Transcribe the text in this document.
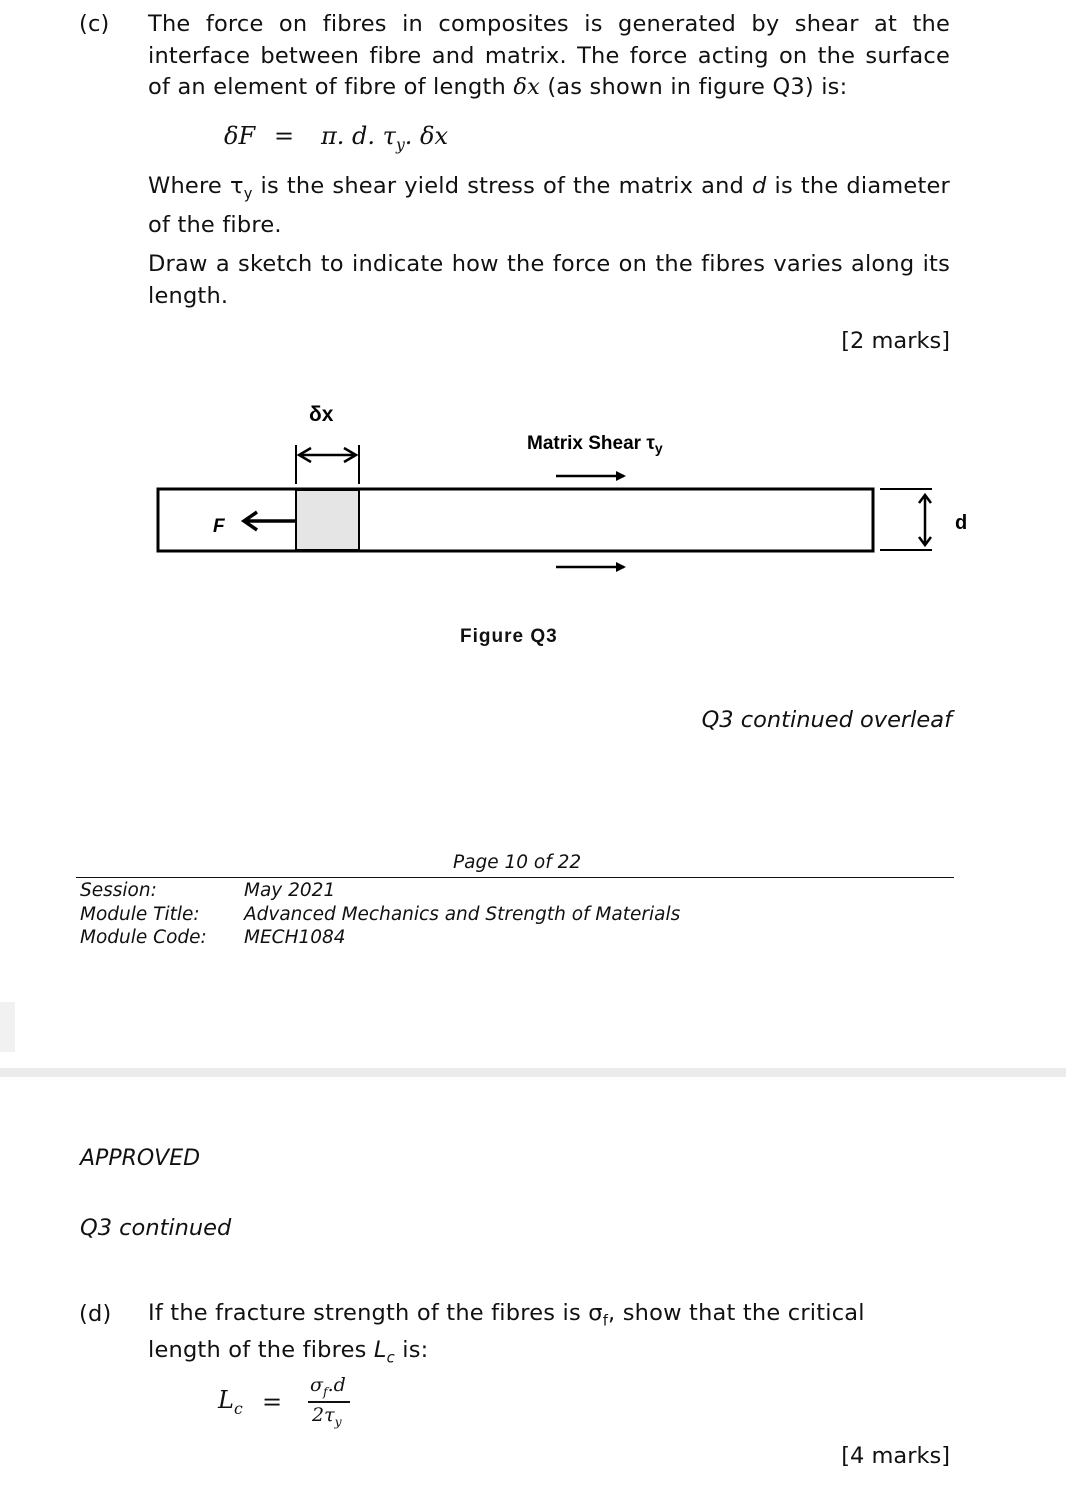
(c) The force on fibres in composites is generated by shear at the
interface between fibre and matrix. The force acting on the surface
of an element of fibre of length δx (as shown in figure Q3) is:
δF = π. d. $\tau_y$. δx
Where $\tau_y$ is the shear yield stress of the matrix and d is the diameter
of the fibre.
Draw a sketch to indicate how the force on the fibres varies along its
length.
[2 marks]
δx
Matrix Shear $\tau_y$
F	d
Figure Q3
Q3 continued overleaf
Page 10 of 22
Session:
Module Title:
Module Code:
May 2021
Advanced Mechanics and Strength of Materials
MECH1084
APPROVED
Q3 continued
(d) If the fracture strength of the fibres is $\sigma_f$, show that the critical
length of the fibres $L_c$ is:
$L_c$ =
$\sigma_f.d$
$2\tau_y$
[4 marks]
